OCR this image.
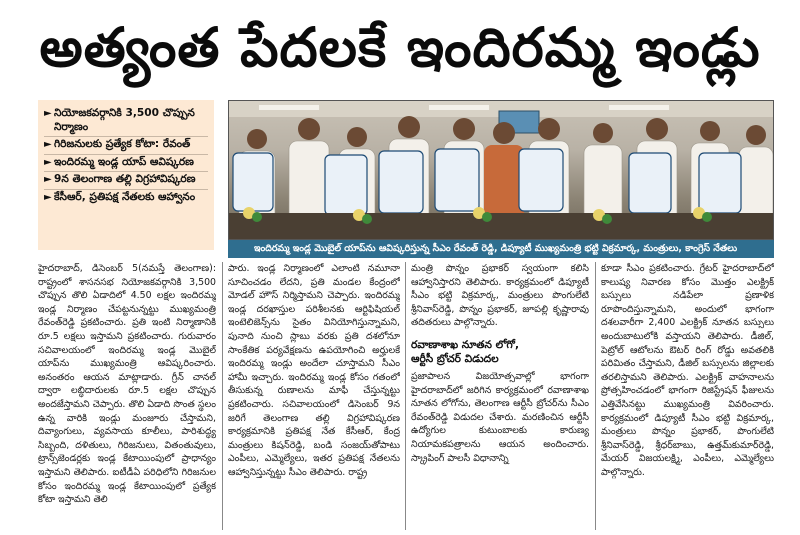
అత్యంత పేదలకే ఇందిరమ్మ ఇండ్లు
► నియోజకవర్గానికి 3,500 చొప్పున నిర్మాణం
► గిరిజనులకు ప్రత్యేక కోటా: రేవంత్
► ఇందిరమ్మ ఇండ్ల యాప్ ఆవిష్కరణ
► 9న తెలంగాణ తల్లి విగ్రహావిష్కరణ
► కేసీఆర్, ప్రతిపక్ష నేతలకు ఆహ్వానం
ఇందిరమ్మ ఇండ్ల మొబైల్ యాప్‌ను ఆవిష్కరిస్తున్న సీఎం రేవంత్ రెడ్డి, డిప్యూటీ ముఖ్యమంత్రి భట్టి విక్రమార్క, మంత్రులు, కాంగ్రెస్ నేతలు

హైదరాబాద్, డిసెంబర్ 5(నమస్తే తెలంగాణ): రాష్ట్రంలో శాసనసభ నియోజకవర్గానికి 3,500 చొప్పున తొలి ఏడాదిలో 4.50 లక్షల ఇందిరమ్మ ఇండ్ల నిర్మాణం చేపట్టనున్నట్టు ముఖ్యమంత్రి రేవంత్‌రెడ్డి ప్రకటించారు. ప్రతి ఇంటి నిర్మాణానికి రూ.5 లక్షలు ఇస్తామని ప్రకటించారు. గురువారం సచివాలయంలో ఇందిరమ్మ ఇండ్ల మొబైల్ యాప్‌ను ముఖ్యమంత్రి ఆవిష్కరించారు. అనంతరం ఆయన మాట్లాడారు. గ్రీన్ చానల్ ద్వారా లబ్ధిదారులకు రూ.5 లక్షల చొప్పున అందజేస్తామని చెప్పారు. తొలి ఏడాది సొంత స్థలం ఉన్న వారికి ఇండ్లు మంజూరు చేస్తామని, దివ్యాంగులు, వ్యవసాయ కూలీలు, పారిశుద్ధ్య సిబ్బంది, దళితులు, గిరిజనులు, వితంతువులు, ట్రాన్స్‌జెండర్లకు ఇండ్ల కేటాయింపులో ప్రాధాన్యం ఇస్తామని తెలిపారు. ఐటీడీఏ పరిధిలోని గిరిజనుల కోసం ఇందిరమ్మ ఇండ్ల కేటాయింపులో ప్రత్యేక కోటా ఇస్తామని తెలి

పారు. ఇండ్ల నిర్మాణంలో ఎలాంటి నమూనా సూచించడం లేదని, ప్రతి మండల కేంద్రంలో మోడల్ హౌస్ నిర్మిస్తామని చెప్పారు. ఇందిరమ్మ ఇండ్ల దరఖాస్తుల పరిశీలనకు ఆర్టిఫిషియల్ ఇంటెలిజెన్స్‌ను సైతం వినియోగిస్తున్నామని, పునాది నుంచి స్లాబు వరకు ప్రతి దశలోనూ సాంకేతిక పర్యవేక్షణను ఉపయోగించి అర్హులకే ఇందిరమ్మ ఇండ్లు అందేలా చూస్తామని సీఎం హామీ ఇచ్చారు. ఇందిరమ్మ ఇండ్ల కోసం గతంలో తీసుకున్న రుణాలను మాఫీ చేస్తున్నట్టు ప్రకటించారు. సచివాలయంలో డిసెంబర్ 9న జరిగే తెలంగాణ తల్లి విగ్రహావిష్కరణ కార్యక్రమానికి ప్రతిపక్ష నేత కేసీఆర్, కేంద్ర మంత్రులు కిషన్‌రెడ్డి, బండి సంజయ్‌తోపాటు ఎంపీలు, ఎమ్మెల్యేలు, ఇతర ప్రతిపక్ష నేతలను ఆహ్వానిస్తున్నట్టు సీఎం తెలిపారు. రాష్ట్ర

మంత్రి పొన్నం ప్రభాకర్ స్వయంగా కలిసి ఆహ్వానిస్తారని తెలిపారు. కార్యక్రమంలో డిప్యూటీ సీఎం భట్టి విక్రమార్క, మంత్రులు పొంగులేటి శ్రీనివాస్‌రెడ్డి, పొన్నం ప్రభాకర్, జూపల్లి కృష్ణారావు తదితరులు పాల్గొన్నారు.

రవాణాశాఖ నూతన లోగో,
ఆర్టీసీ బ్రోచర్ విడుదల

ప్రజాపాలన విజయోత్సవాల్లో భాగంగా హైదరాబాద్‌లో జరిగిన కార్యక్రమంలో రవాణాశాఖ నూతన లోగోను, తెలంగాణ ఆర్టీసీ బ్రోచర్‌ను సీఎం రేవంత్‌రెడ్డి విడుదల చేశారు. మరణించిన ఆర్టీసీ ఉద్యోగుల కుటుంబాలకు కారుణ్య నియామకపత్రాలను ఆయన అందించారు. స్క్రాపింగ్ పాలసీ విధానాన్ని

కూడా సీఎం ప్రకటించారు. గ్రేటర్ హైదరాబాద్‌లో కాలుష్య నివారణ కోసం మొత్తం ఎలక్ట్రిక్ బస్సులు నడిపేలా ప్రణాళిక రూపొందిస్తున్నామని, అందులో భాగంగా దశలవారీగా 2,400 ఎలక్ట్రిక్ నూతన బస్సులు అందుబాటులోకి వస్తాయని తెలిపారు. డీజిల్, పెట్రోల్ ఆటోలను ఔటర్ రింగ్ రోడ్డు అవతలికి పరిమితం చేస్తామని, డీజిల్ బస్సులను జిల్లాలకు తరలిస్తామని తెలిపారు. ఎలక్ట్రిక్ వాహనాలను ప్రోత్సహించడంలో భాగంగా రిజిస్ట్రేషన్ ఫీజులను ఎత్తివేసినట్టు ముఖ్యమంత్రి వివరించారు. కార్యక్రమంలో డిప్యూటీ సీఎం భట్టి విక్రమార్క, మంత్రులు పొన్నం ప్రభాకర్, పొంగులేటి శ్రీనివాస్‌రెడ్డి, శ్రీధర్‌బాబు, ఉత్తమ్‌కుమార్‌రెడ్డి, మేయర్ విజయలక్ష్మి, ఎంపీలు, ఎమ్మెల్యేలు పాల్గొన్నారు.
